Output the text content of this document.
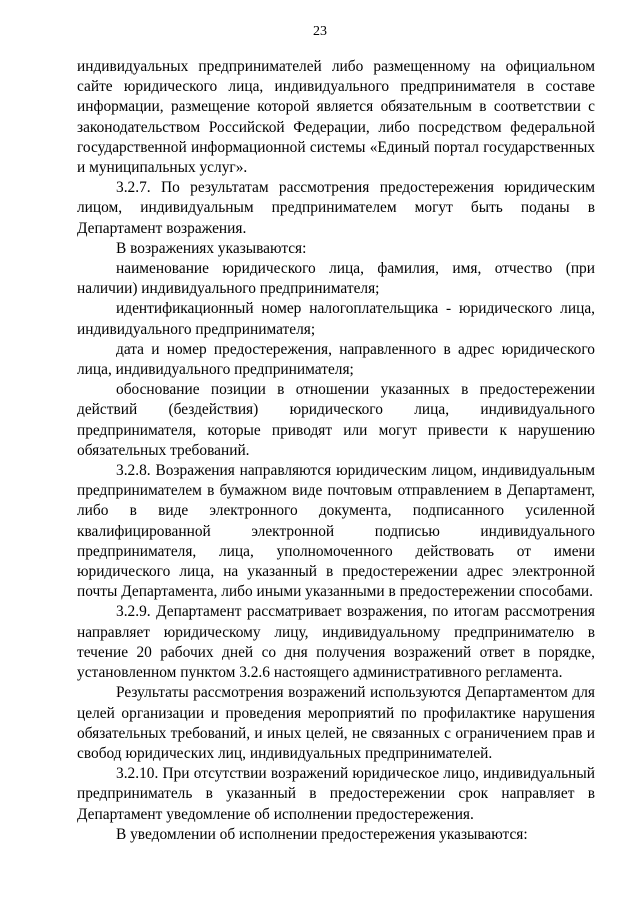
23

индивидуальных предпринимателей либо размещенному на официальном сайте юридического лица, индивидуального предпринимателя в составе информации, размещение которой является обязательным в соответствии с законодательством Российской Федерации, либо посредством федеральной государственной информационной системы «Единый портал государственных и муниципальных услуг».

3.2.7. По результатам рассмотрения предостережения юридическим лицом, индивидуальным предпринимателем могут быть поданы в Департамент возражения.

В возражениях указываются:

наименование юридического лица, фамилия, имя, отчество (при наличии) индивидуального предпринимателя;

идентификационный номер налогоплательщика - юридического лица, индивидуального предпринимателя;

дата и номер предостережения, направленного в адрес юридического лица, индивидуального предпринимателя;

обоснование позиции в отношении указанных в предостережении действий (бездействия) юридического лица, индивидуального предпринимателя, которые приводят или могут привести к нарушению обязательных требований.

3.2.8. Возражения направляются юридическим лицом, индивидуальным предпринимателем в бумажном виде почтовым отправлением в Департамент, либо в виде электронного документа, подписанного усиленной квалифицированной электронной подписью индивидуального предпринимателя, лица, уполномоченного действовать от имени юридического лица, на указанный в предостережении адрес электронной почты Департамента, либо иными указанными в предостережении способами.

3.2.9. Департамент рассматривает возражения, по итогам рассмотрения направляет юридическому лицу, индивидуальному предпринимателю в течение 20 рабочих дней со дня получения возражений ответ в порядке, установленном пунктом 3.2.6 настоящего административного регламента.

Результаты рассмотрения возражений используются Департаментом для целей организации и проведения мероприятий по профилактике нарушения обязательных требований, и иных целей, не связанных с ограничением прав и свобод юридических лиц, индивидуальных предпринимателей.

3.2.10. При отсутствии возражений юридическое лицо, индивидуальный предприниматель в указанный в предостережении срок направляет в Департамент уведомление об исполнении предостережения.

В уведомлении об исполнении предостережения указываются:
